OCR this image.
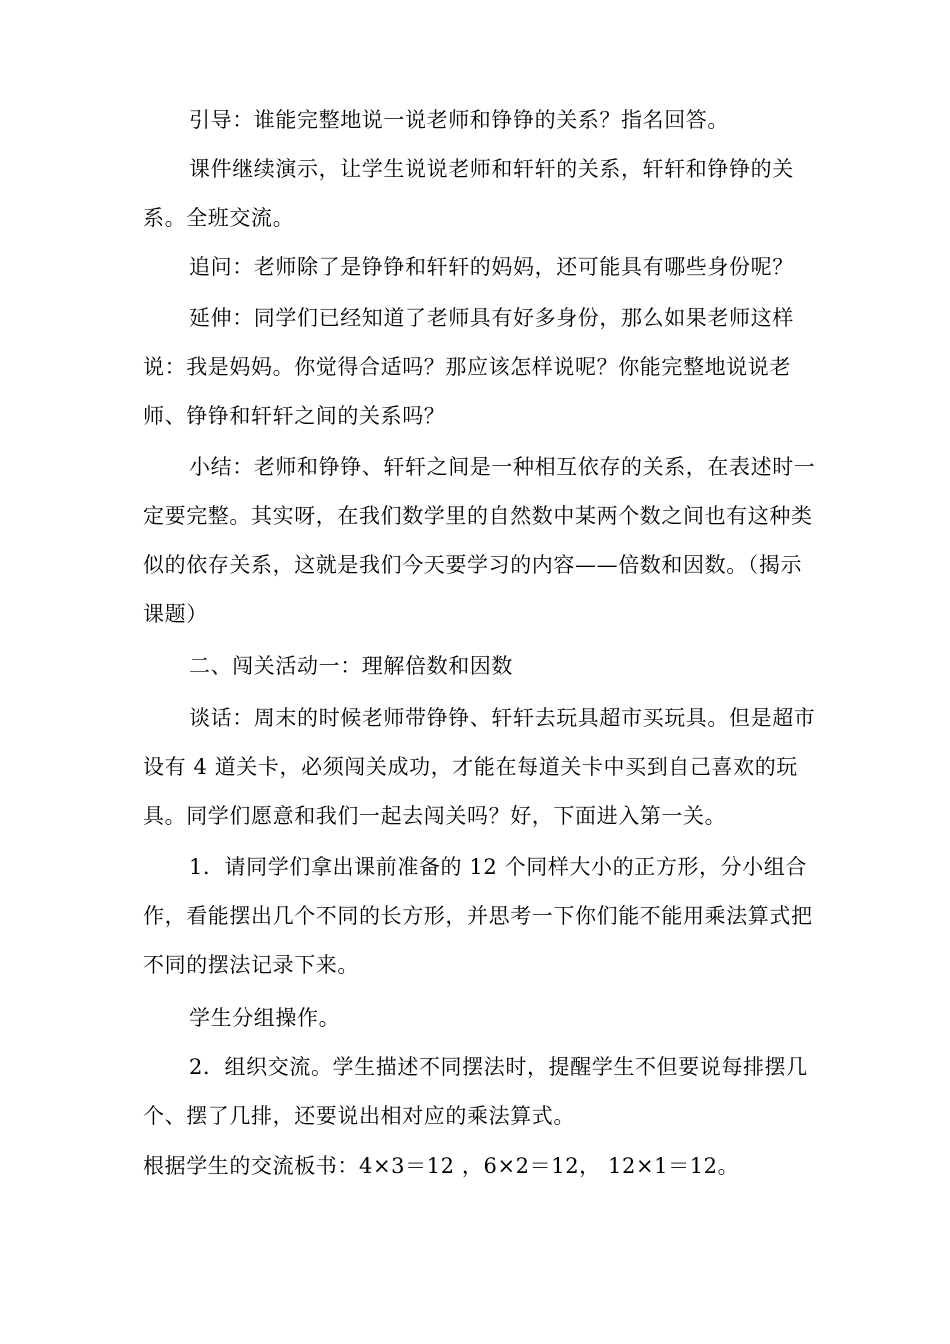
引导：谁能完整地说一说老师和铮铮的关系？指名回答。

课件继续演示，让学生说说老师和轩轩的关系，轩轩和铮铮的关系。全班交流。

追问：老师除了是铮铮和轩轩的妈妈，还可能具有哪些身份呢？

延伸：同学们已经知道了老师具有好多身份，那么如果老师这样说：我是妈妈。你觉得合适吗？那应该怎样说呢？你能完整地说说老师、铮铮和轩轩之间的关系吗？

小结：老师和铮铮、轩轩之间是一种相互依存的关系，在表述时一定要完整。其实呀，在我们数学里的自然数中某两个数之间也有这种类似的依存关系，这就是我们今天要学习的内容——倍数和因数。（揭示课题）

二、闯关活动一：理解倍数和因数

谈话：周末的时候老师带铮铮、轩轩去玩具超市买玩具。但是超市设有 4 道关卡，必须闯关成功，才能在每道关卡中买到自己喜欢的玩具。同学们愿意和我们一起去闯关吗？好，下面进入第一关。

1．请同学们拿出课前准备的 12 个同样大小的正方形，分小组合作，看能摆出几个不同的长方形，并思考一下你们能不能用乘法算式把不同的摆法记录下来。

学生分组操作。

2．组织交流。学生描述不同摆法时，提醒学生不但要说每排摆几个、摆了几排，还要说出相对应的乘法算式。

根据学生的交流板书：4×3＝12 ，6×2＝12， 12×1＝12。
